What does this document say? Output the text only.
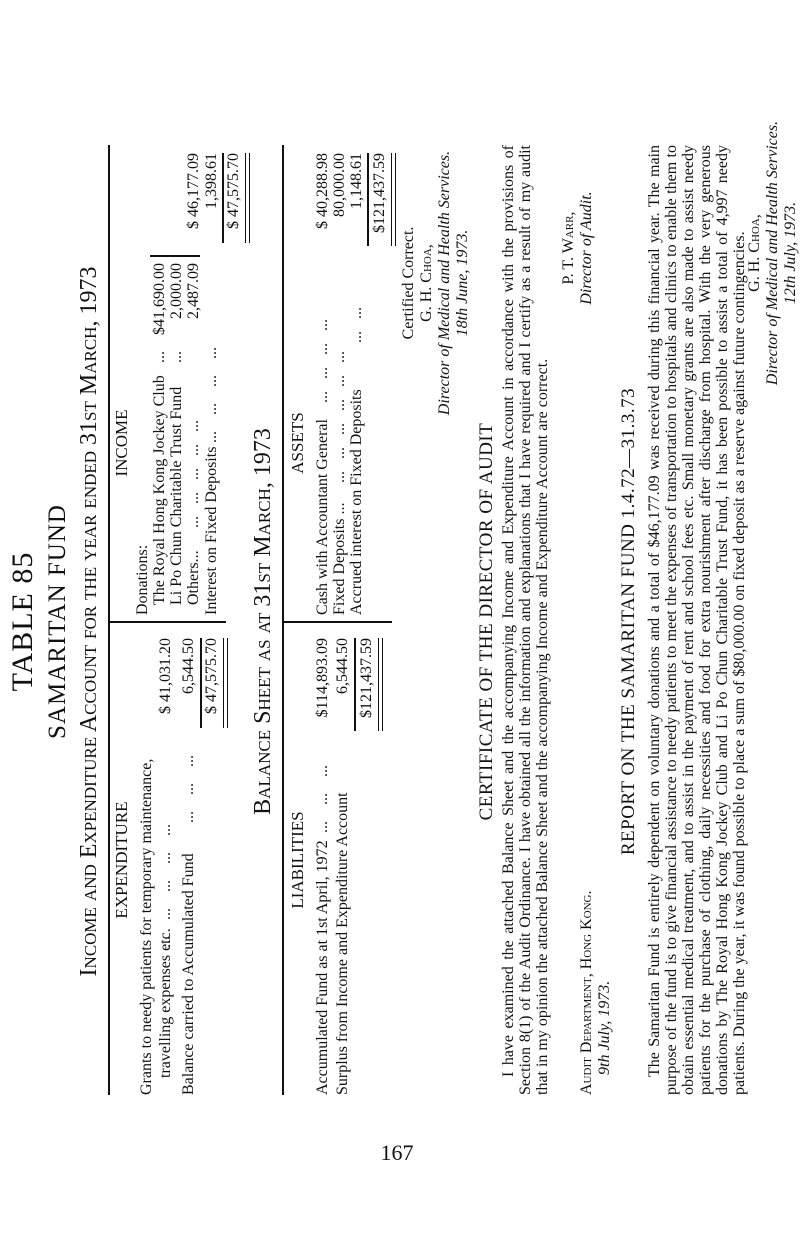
TABLE 85 SAMARITAN FUND Income and Expenditure Account for the year ended 31st March, 1973 EXPENDITURE Grants to needy patients for temporary maintenance, travelling expenses etc.
...    ...    ...    ...    ...
$ 41,031.20
Balance carried to Accumulated Fund
...    ...    ...
6,544.50 $ 47,575.70
INCOME
Donations: The Royal Hong Kong Jockey Club
...
$41,690.00
Li Po Chun Charitable Trust Fund
...
2,000.00
Others...
...   ...   ...   ...   ...
2,487.09
$ 46,177.09
Interest on Fixed Deposits
...    ...    ...    ...
1,398.61 $ 47,575.70
Balance Sheet as at 31st March, 1973
LIABILITIES Accumulated Fund as at 1st April, 1972
...    ...    ...
$114,893.09
Surplus from Income and Expenditure Account
6,544.50 $121,437.59
ASSETS Cash with Accountant General
...   ...   ...   ...
$ 40,288.98
Fixed Deposits ...
...   ...   ...   ...   ...   ...
80,000.00
Accrued interest on Fixed Deposits
...   ...
1,148.61 $121,437.59
Certified Correct. G. H. Choa, Director of Medical and Health Services. 18th June, 1973.
CERTIFICATE OF THE DIRECTOR OF AUDIT I have examined the attached Balance Sheet and the accompanying Income and Expenditure Account in accordance with the provisions of Section 8(1) of the Audit Ordinance. I have obtained all the information and explanations that I have required and I certify as a result of my audit that in my opinion the attached Balance Sheet and the accompanying Income and Expenditure Account are correct. Audit Department, Hong Kong. 9th July, 1973.
P. T. Warr, Director of Audit.
REPORT ON THE SAMARITAN FUND 1.4.72—31.3.73 The Samaritan Fund is entirely dependent on voluntary donations and a total of $46,177.09 was received during this financial year. The main purpose of the fund is to give financial assistance to needy patients to meet the expenses of transportation to hospitals and clinics to enable them to obtain essential medical treatment, and to assist in the payment of rent and school fees etc. Small monetary grants are also made to assist needy patients for the purchase of clothing, daily necessities and food for extra nourishment after discharge from hospital. With the very generous donations by The Royal Hong Kong Jockey Club and Li Po Chun Charitable Trust Fund, it has been possible to assist a total of 4,997 needy patients. During the year, it was found possible to place a sum of $80,000.00 on fixed deposit as a reserve against future contingencies.

G. H. Choa, Director of Medical and Health Services. 12th July, 1973.
167
